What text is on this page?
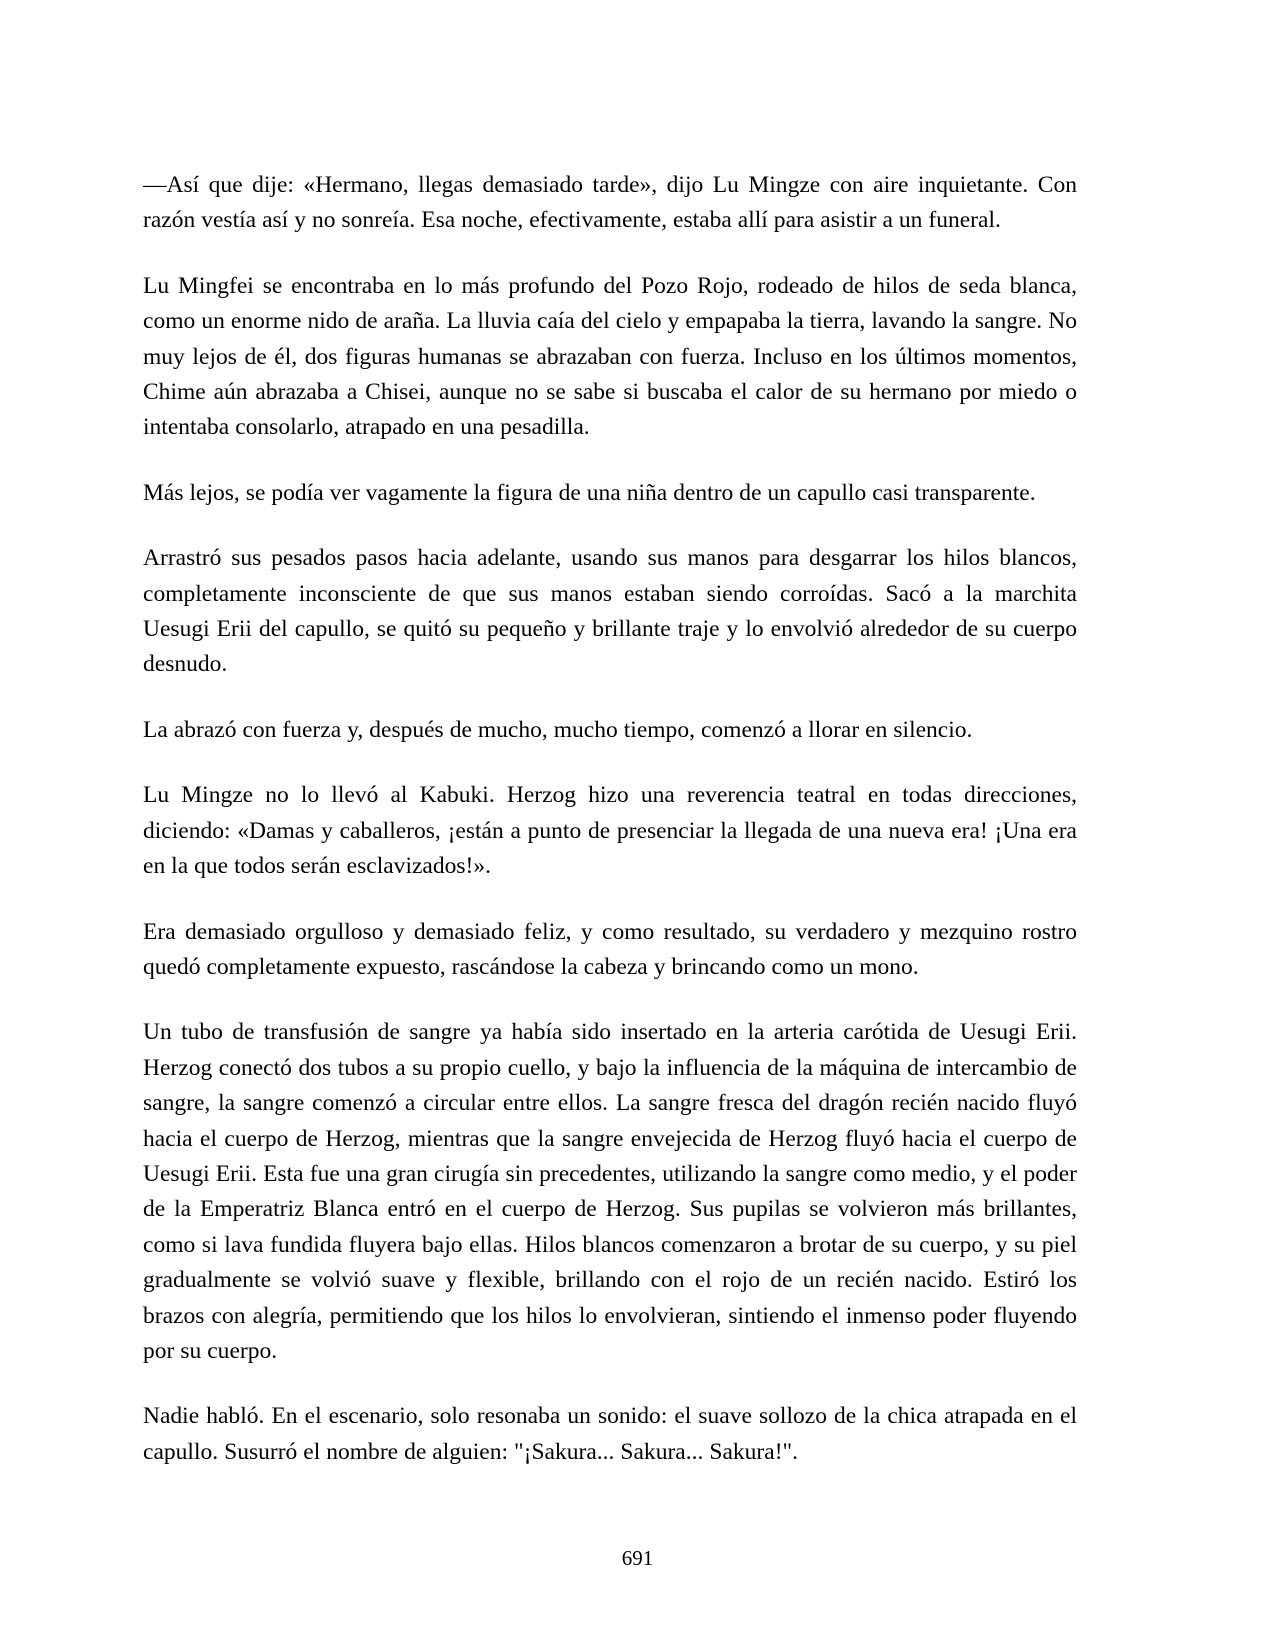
—Así que dije: «Hermano, llegas demasiado tarde», dijo Lu Mingze con aire inquietante. Con razón vestía así y no sonreía. Esa noche, efectivamente, estaba allí para asistir a un funeral.

Lu Mingfei se encontraba en lo más profundo del Pozo Rojo, rodeado de hilos de seda blanca, como un enorme nido de araña. La lluvia caía del cielo y empapaba la tierra, lavando la sangre. No muy lejos de él, dos figuras humanas se abrazaban con fuerza. Incluso en los últimos momentos, Chime aún abrazaba a Chisei, aunque no se sabe si buscaba el calor de su hermano por miedo o intentaba consolarlo, atrapado en una pesadilla.

Más lejos, se podía ver vagamente la figura de una niña dentro de un capullo casi transparente.

Arrastró sus pesados pasos hacia adelante, usando sus manos para desgarrar los hilos blancos, completamente inconsciente de que sus manos estaban siendo corroídas. Sacó a la marchita Uesugi Erii del capullo, se quitó su pequeño y brillante traje y lo envolvió alrededor de su cuerpo desnudo.

La abrazó con fuerza y, después de mucho, mucho tiempo, comenzó a llorar en silencio.

Lu Mingze no lo llevó al Kabuki. Herzog hizo una reverencia teatral en todas direcciones, diciendo: «Damas y caballeros, ¡están a punto de presenciar la llegada de una nueva era! ¡Una era en la que todos serán esclavizados!».

Era demasiado orgulloso y demasiado feliz, y como resultado, su verdadero y mezquino rostro quedó completamente expuesto, rascándose la cabeza y brincando como un mono.

Un tubo de transfusión de sangre ya había sido insertado en la arteria carótida de Uesugi Erii. Herzog conectó dos tubos a su propio cuello, y bajo la influencia de la máquina de intercambio de sangre, la sangre comenzó a circular entre ellos. La sangre fresca del dragón recién nacido fluyó hacia el cuerpo de Herzog, mientras que la sangre envejecida de Herzog fluyó hacia el cuerpo de Uesugi Erii. Esta fue una gran cirugía sin precedentes, utilizando la sangre como medio, y el poder de la Emperatriz Blanca entró en el cuerpo de Herzog. Sus pupilas se volvieron más brillantes, como si lava fundida fluyera bajo ellas. Hilos blancos comenzaron a brotar de su cuerpo, y su piel gradualmente se volvió suave y flexible, brillando con el rojo de un recién nacido. Estiró los brazos con alegría, permitiendo que los hilos lo envolvieran, sintiendo el inmenso poder fluyendo por su cuerpo.

Nadie habló. En el escenario, solo resonaba un sonido: el suave sollozo de la chica atrapada en el capullo. Susurró el nombre de alguien: "¡Sakura... Sakura... Sakura!".

691
